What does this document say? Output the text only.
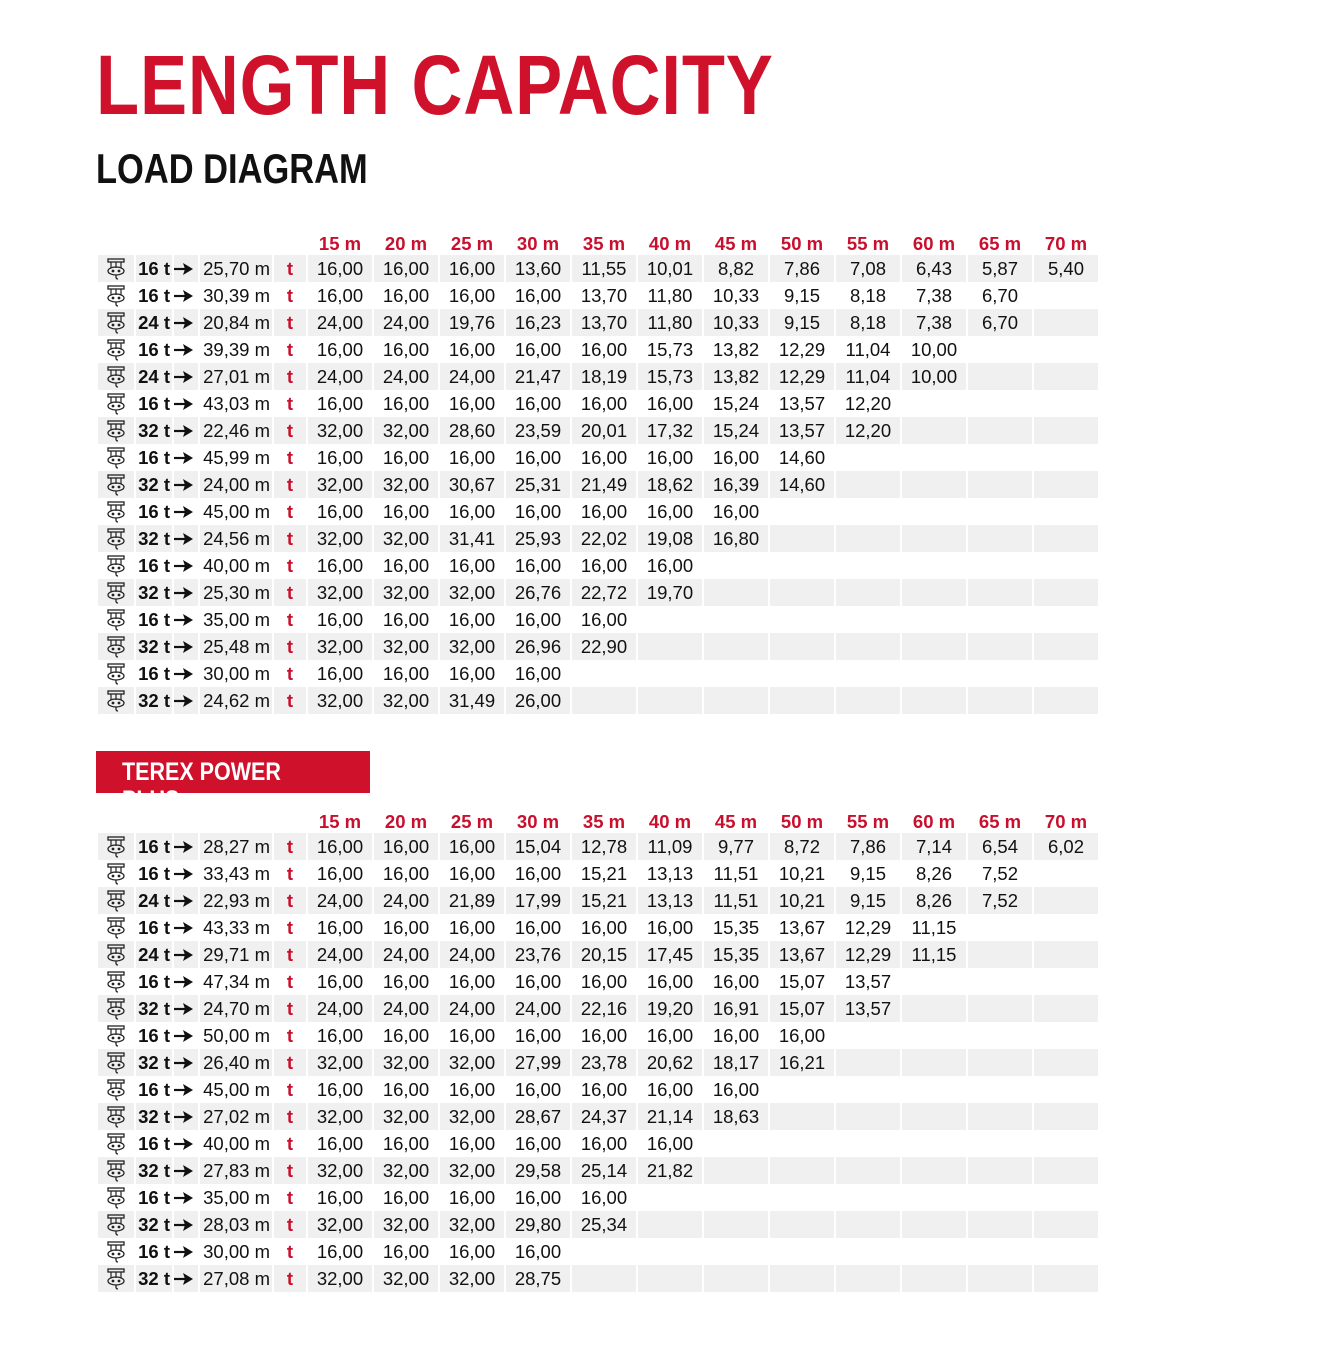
LENGTH CAPACITY
LOAD DIAGRAM
					15 m	20 m	25 m	30 m	35 m	40 m	45 m	50 m	55 m	60 m	65 m	70 m

	16 t		25,70 m	t	16,00	16,00	16,00	13,60	11,55	10,01	8,82	7,86	7,08	6,43	5,87	5,40

	16 t		30,39 m	t	16,00	16,00	16,00	16,00	13,70	11,80	10,33	9,15	8,18	7,38	6,70	

	24 t		20,84 m	t	24,00	24,00	19,76	16,23	13,70	11,80	10,33	9,15	8,18	7,38	6,70	

	16 t		39,39 m	t	16,00	16,00	16,00	16,00	16,00	15,73	13,82	12,29	11,04	10,00		

	24 t		27,01 m	t	24,00	24,00	24,00	21,47	18,19	15,73	13,82	12,29	11,04	10,00		

	16 t		43,03 m	t	16,00	16,00	16,00	16,00	16,00	16,00	15,24	13,57	12,20			

	32 t		22,46 m	t	32,00	32,00	28,60	23,59	20,01	17,32	15,24	13,57	12,20			

	16 t		45,99 m	t	16,00	16,00	16,00	16,00	16,00	16,00	16,00	14,60				

	32 t		24,00 m	t	32,00	32,00	30,67	25,31	21,49	18,62	16,39	14,60				

	16 t		45,00 m	t	16,00	16,00	16,00	16,00	16,00	16,00	16,00					

	32 t		24,56 m	t	32,00	32,00	31,41	25,93	22,02	19,08	16,80					

	16 t		40,00 m	t	16,00	16,00	16,00	16,00	16,00	16,00						

	32 t		25,30 m	t	32,00	32,00	32,00	26,76	22,72	19,70						

	16 t		35,00 m	t	16,00	16,00	16,00	16,00	16,00							

	32 t		25,48 m	t	32,00	32,00	32,00	26,96	22,90							

	16 t		30,00 m	t	16,00	16,00	16,00	16,00								

	32 t		24,62 m	t	32,00	32,00	31,49	26,00								
TEREX POWER PLUS
					15 m	20 m	25 m	30 m	35 m	40 m	45 m	50 m	55 m	60 m	65 m	70 m

	16 t		28,27 m	t	16,00	16,00	16,00	15,04	12,78	11,09	9,77	8,72	7,86	7,14	6,54	6,02

	16 t		33,43 m	t	16,00	16,00	16,00	16,00	15,21	13,13	11,51	10,21	9,15	8,26	7,52	

	24 t		22,93 m	t	24,00	24,00	21,89	17,99	15,21	13,13	11,51	10,21	9,15	8,26	7,52	

	16 t		43,33 m	t	16,00	16,00	16,00	16,00	16,00	16,00	15,35	13,67	12,29	11,15		

	24 t		29,71 m	t	24,00	24,00	24,00	23,76	20,15	17,45	15,35	13,67	12,29	11,15		

	16 t		47,34 m	t	16,00	16,00	16,00	16,00	16,00	16,00	16,00	15,07	13,57			

	32 t		24,70 m	t	24,00	24,00	24,00	24,00	22,16	19,20	16,91	15,07	13,57			

	16 t		50,00 m	t	16,00	16,00	16,00	16,00	16,00	16,00	16,00	16,00				

	32 t		26,40 m	t	32,00	32,00	32,00	27,99	23,78	20,62	18,17	16,21				

	16 t		45,00 m	t	16,00	16,00	16,00	16,00	16,00	16,00	16,00					

	32 t		27,02 m	t	32,00	32,00	32,00	28,67	24,37	21,14	18,63					

	16 t		40,00 m	t	16,00	16,00	16,00	16,00	16,00	16,00						

	32 t		27,83 m	t	32,00	32,00	32,00	29,58	25,14	21,82						

	16 t		35,00 m	t	16,00	16,00	16,00	16,00	16,00							

	32 t		28,03 m	t	32,00	32,00	32,00	29,80	25,34							

	16 t		30,00 m	t	16,00	16,00	16,00	16,00								

	32 t		27,08 m	t	32,00	32,00	32,00	28,75								
